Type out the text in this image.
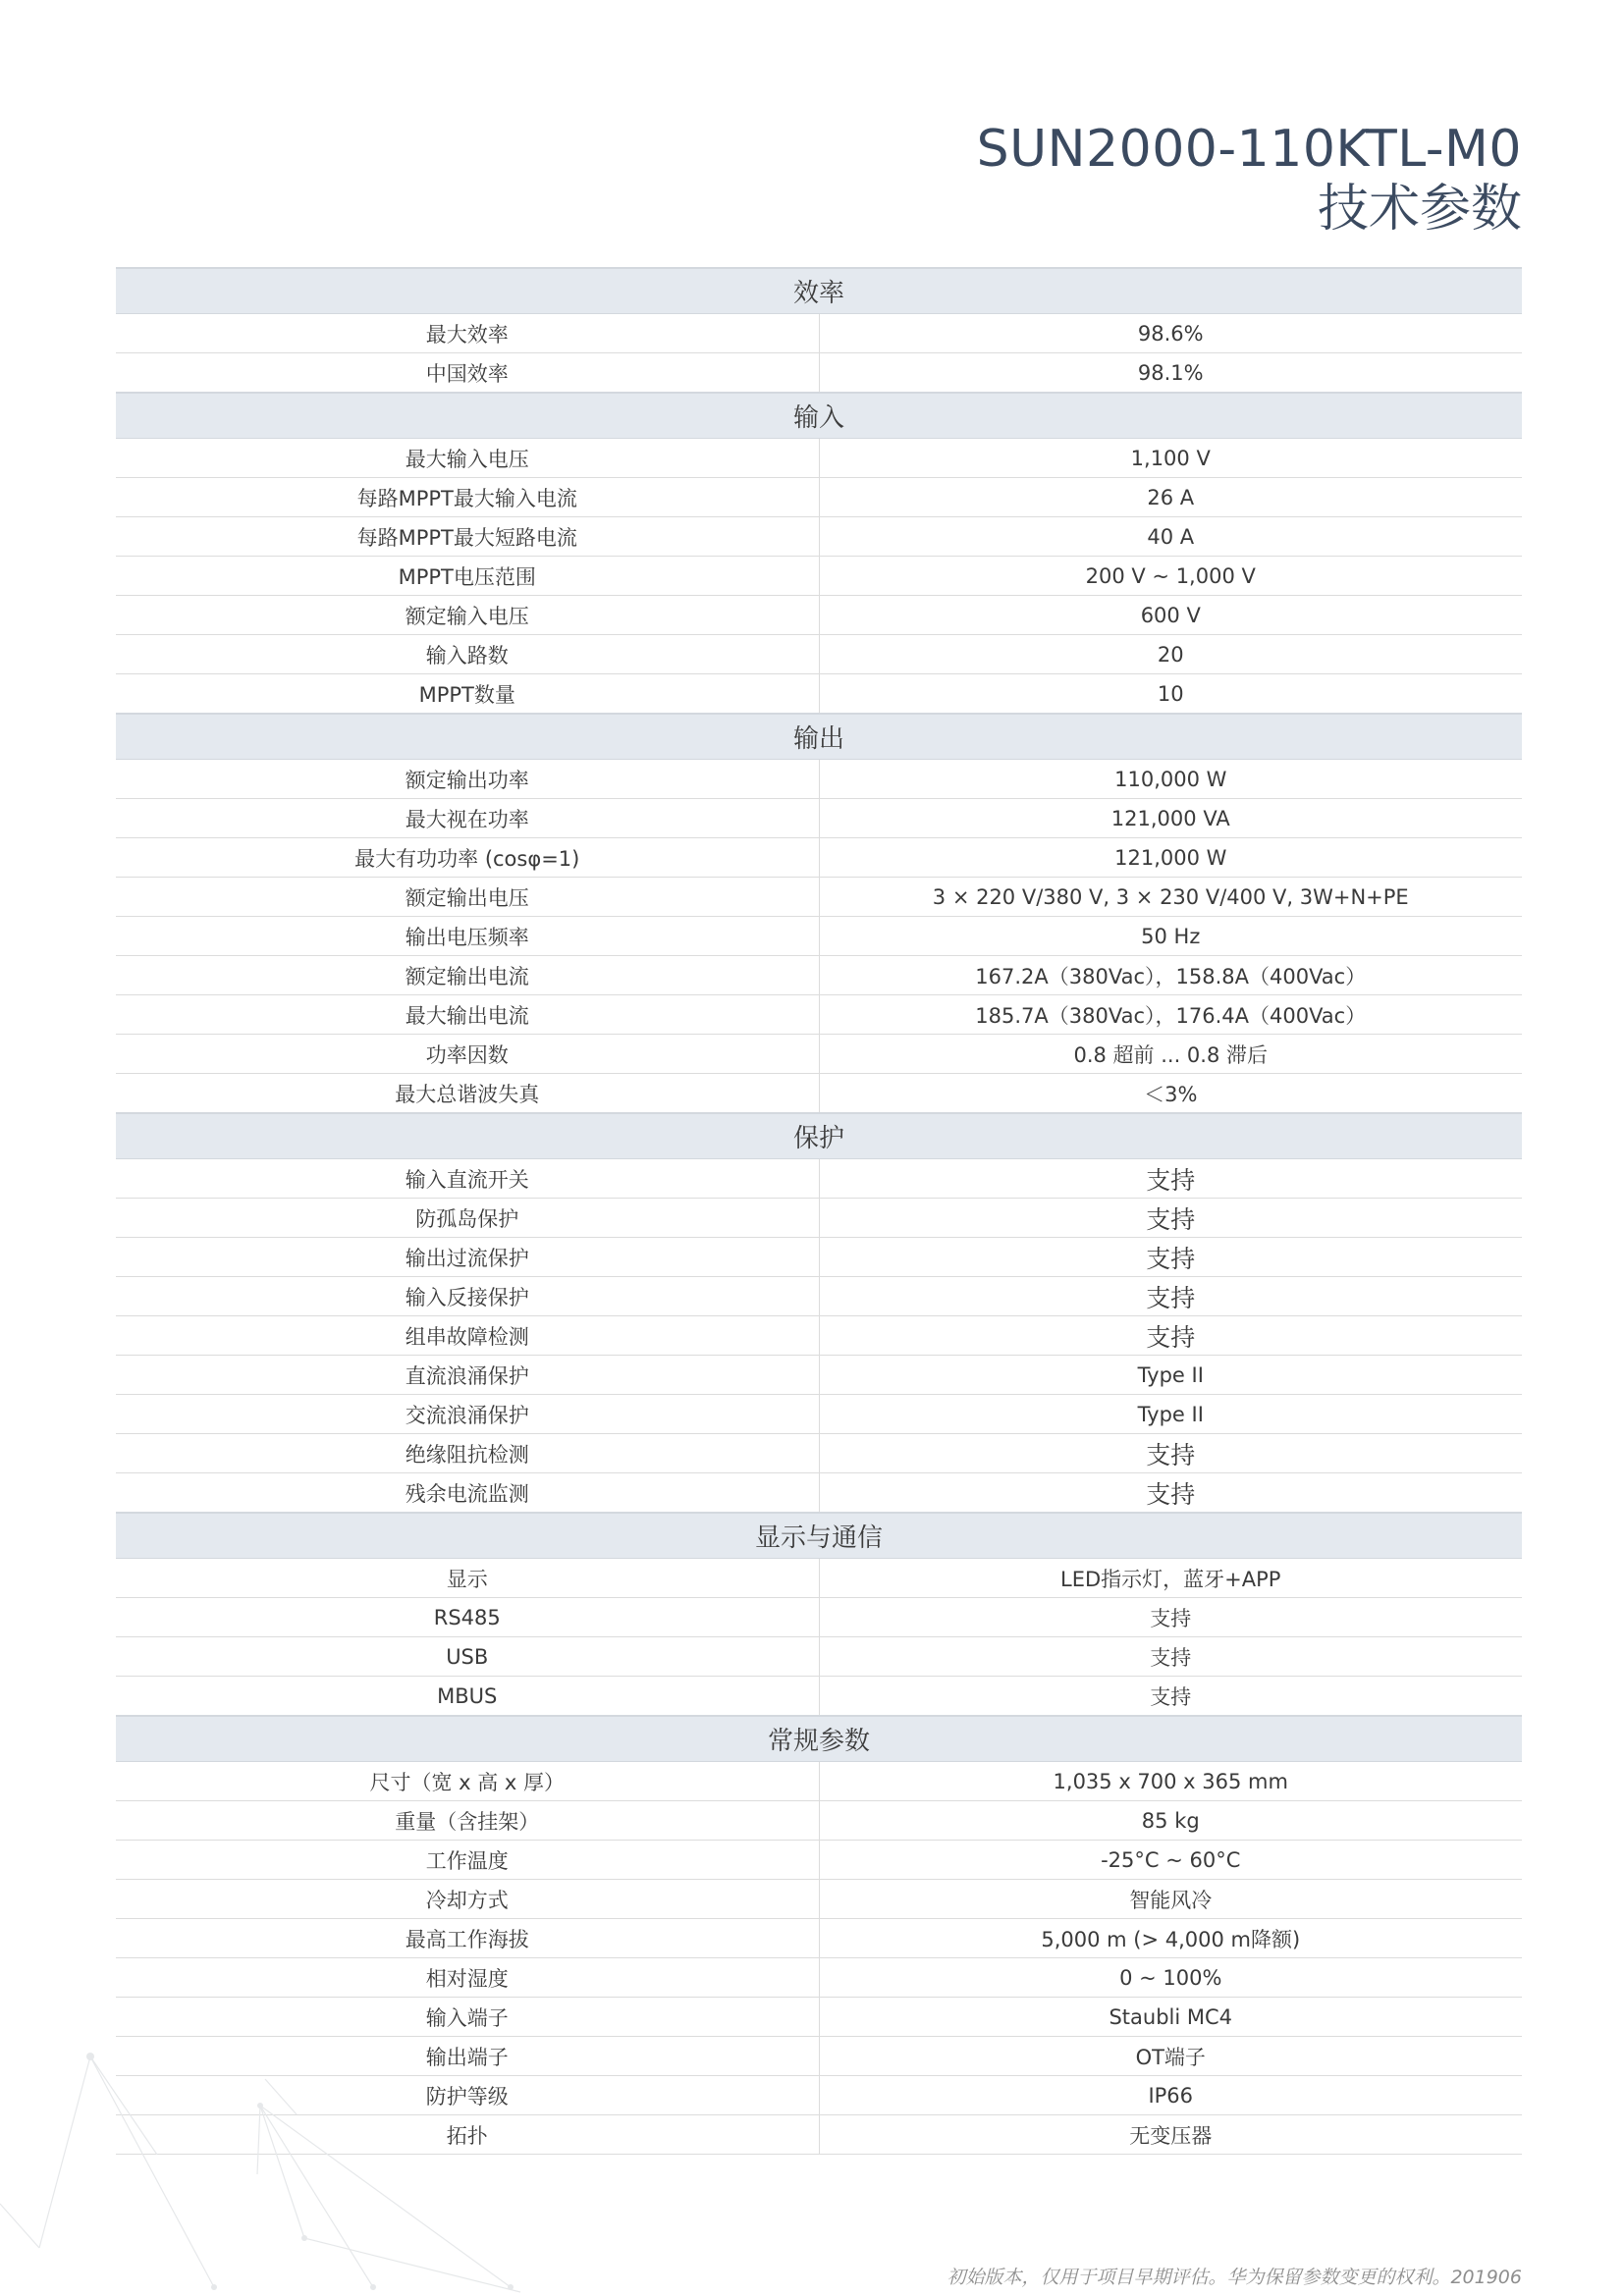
SUN2000-110KTL-M0
技术参数
效率	
最大效率	98.6%
中国效率	98.1%
输入	
最大输入电压	1,100 V
每路MPPT最大输入电流	26 A
每路MPPT最大短路电流	40 A
MPPT电压范围	200 V ~ 1,000 V
额定输入电压	600 V
输入路数	20
MPPT数量	10
输出	
额定输出功率	110,000 W
最大视在功率	121,000 VA
最大有功功率 (cosφ=1)	121,000 W
额定输出电压	3 × 220 V/380 V, 3 × 230 V/400 V, 3W+N+PE
输出电压频率	50 Hz
额定输出电流	167.2A（380Vac），158.8A（400Vac）
最大输出电流	185.7A（380Vac），176.4A（400Vac）
功率因数	0.8 超前 ... 0.8 滞后
最大总谐波失真	＜3%
保护	
输入直流开关	支持
防孤岛保护	支持
输出过流保护	支持
输入反接保护	支持
组串故障检测	支持
直流浪涌保护	Type II
交流浪涌保护	Type II
绝缘阻抗检测	支持
残余电流监测	支持
显示与通信	
显示	LED指示灯，蓝牙+APP
RS485	支持
USB	支持
MBUS	支持
常规参数	
尺寸（宽 x 高 x 厚）	1,035 x 700 x 365 mm
重量（含挂架）	85 kg
工作温度	-25°C ~ 60°C
冷却方式	智能风冷
最高工作海拔	5,000 m (> 4,000 m降额)
相对湿度	0 ~ 100%
输入端子	Staubli MC4
输出端子	OT端子
防护等级	IP66
拓扑	无变压器
初始版本，仅用于项目早期评估。华为保留参数变更的权利。201906
